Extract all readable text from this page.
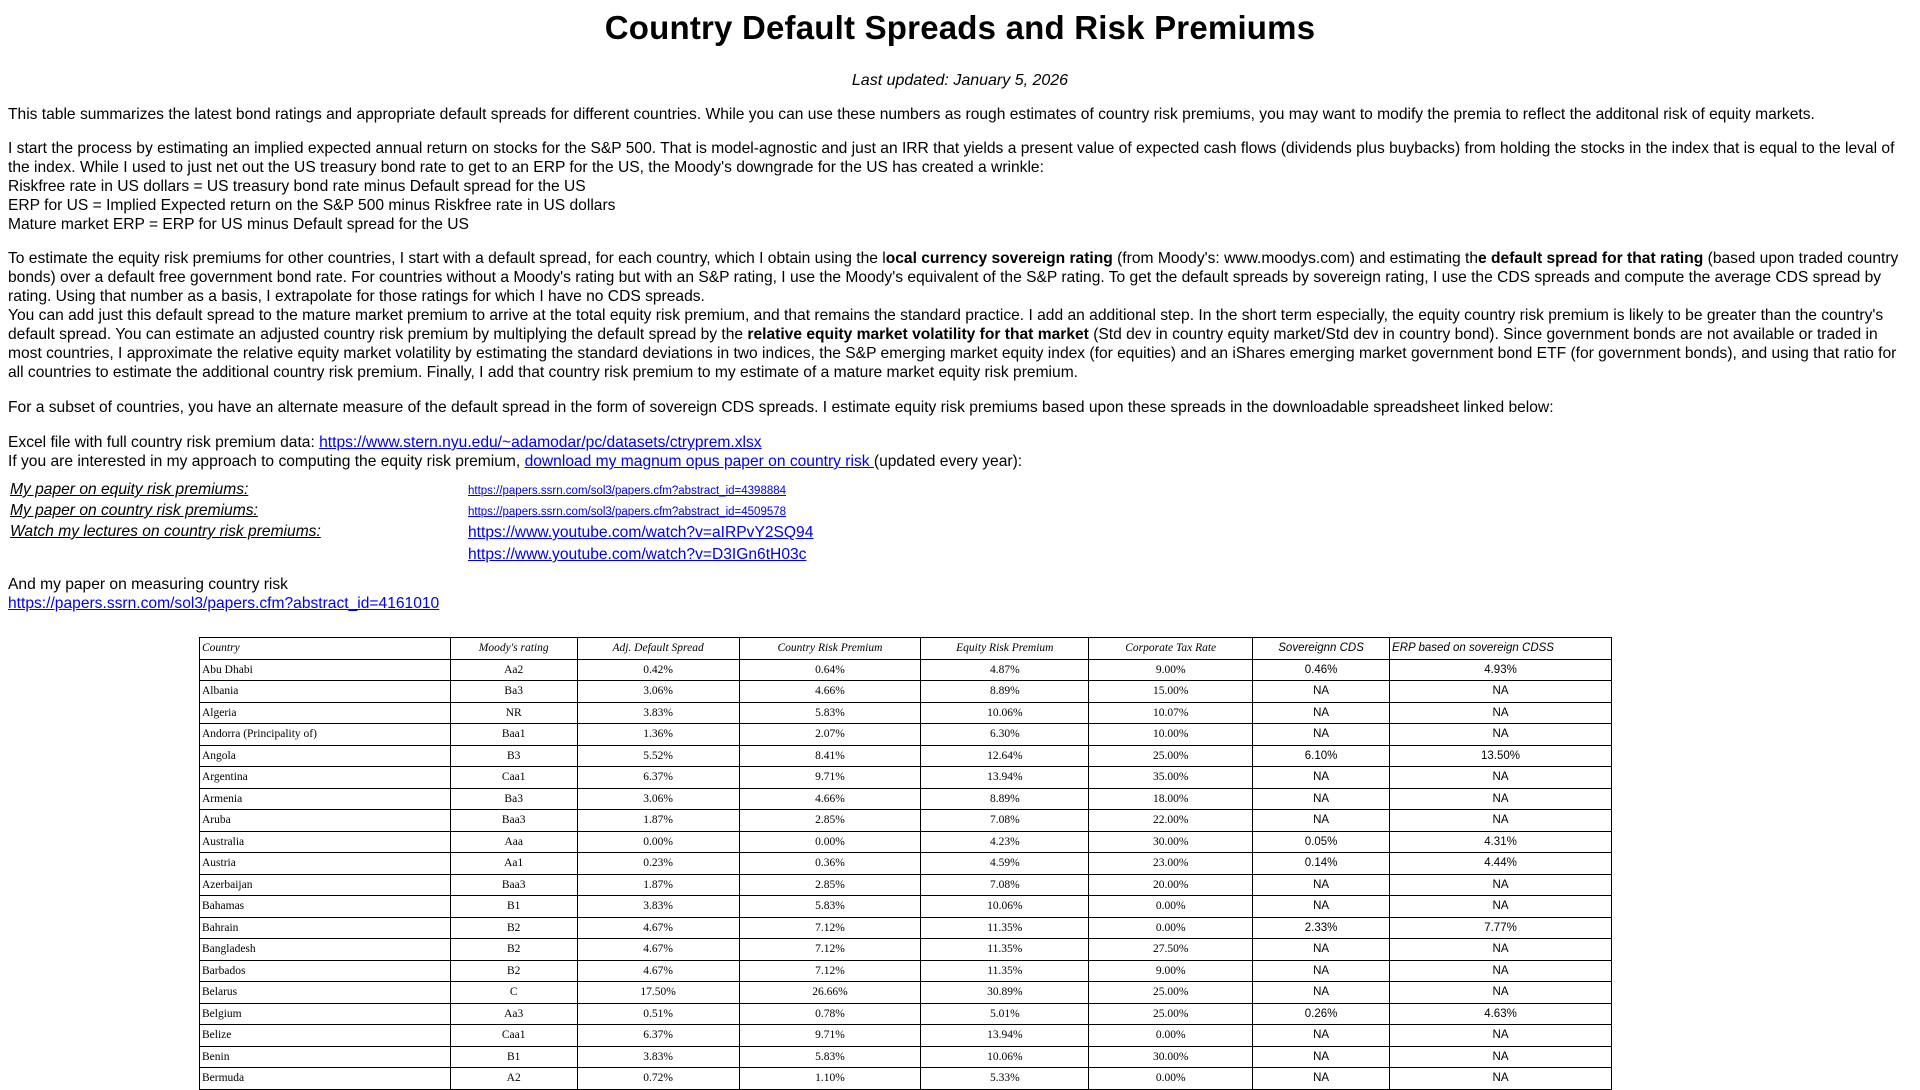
Country Default Spreads and Risk Premiums
Last updated: January 5, 2026

This table summarizes the latest bond ratings and appropriate default spreads for different countries. While you can use these numbers as rough estimates of country risk premiums, you may want to modify the premia to reflect the additonal risk of equity markets.

I start the process by estimating an implied expected annual return on stocks for the S&P 500. That is model-agnostic and just an IRR that yields a present value of expected cash flows (dividends plus buybacks) from holding the stocks in the index that is equal to the leval of the index. While I used to just net out the US treasury bond rate to get to an ERP for the US, the Moody's downgrade for the US has created a wrinkle:
Riskfree rate in US dollars = US treasury bond rate minus Default spread for the US
ERP for US = Implied Expected return on the S&P 500 minus Riskfree rate in US dollars
Mature market ERP = ERP for US minus Default spread for the US

To estimate the equity risk premiums for other countries, I start with a default spread, for each country, which I obtain using the local currency sovereign rating (from Moody's: www.moodys.com) and estimating the default spread for that rating (based upon traded country bonds) over a default free government bond rate. For countries without a Moody's rating but with an S&P rating, I use the Moody's equivalent of the S&P rating. To get the default spreads by sovereign rating, I use the CDS spreads and compute the average CDS spread by rating. Using that number as a basis, I extrapolate for those ratings for which I have no CDS spreads.
You can add just this default spread to the mature market premium to arrive at the total equity risk premium, and that remains the standard practice. I add an additional step. In the short term especially, the equity country risk premium is likely to be greater than the country's default spread. You can estimate an adjusted country risk premium by multiplying the default spread by the relative equity market volatility for that market (Std dev in country equity market/Std dev in country bond). Since government bonds are not available or traded in most countries, I approximate the relative equity market volatility by estimating the standard deviations in two indices, the S&P emerging market equity index (for equities) and an iShares emerging market government bond ETF (for government bonds), and using that ratio for all countries to estimate the additional country risk premium. Finally, I add that country risk premium to my estimate of a mature market equity risk premium.

For a subset of countries, you have an alternate measure of the default spread in the form of sovereign CDS spreads. I estimate equity risk premiums based upon these spreads in the downloadable spreadsheet linked below:

Excel file with full country risk premium data: https://www.stern.nyu.edu/~adamodar/pc/datasets/ctryprem.xlsx
If you are interested in my approach to computing the equity risk premium, download my magnum opus paper on country risk (updated every year):

My paper on equity risk premiums:
My paper on country risk premiums:
Watch my lectures on country risk premiums:
https://papers.ssrn.com/sol3/papers.cfm?abstract_id=4398884
https://papers.ssrn.com/sol3/papers.cfm?abstract_id=4509578
https://www.youtube.com/watch?v=aIRPvY2SQ94
https://www.youtube.com/watch?v=D3IGn6tH03c

And my paper on measuring country risk
https://papers.ssrn.com/sol3/papers.cfm?abstract_id=4161010

Country	Moody's rating	Adj. Default Spread	Country Risk Premium	Equity Risk Premium	Corporate Tax Rate	Sovereignn CDS	ERP based on sovereign CDSS
Abu Dhabi	Aa2	0.42%	0.64%	4.87%	9.00%	0.46%	4.93%
Albania	Ba3	3.06%	4.66%	8.89%	15.00%	NA	NA
Algeria	NR	3.83%	5.83%	10.06%	10.07%	NA	NA
Andorra (Principality of)	Baa1	1.36%	2.07%	6.30%	10.00%	NA	NA
Angola	B3	5.52%	8.41%	12.64%	25.00%	6.10%	13.50%
Argentina	Caa1	6.37%	9.71%	13.94%	35.00%	NA	NA
Armenia	Ba3	3.06%	4.66%	8.89%	18.00%	NA	NA
Aruba	Baa3	1.87%	2.85%	7.08%	22.00%	NA	NA
Australia	Aaa	0.00%	0.00%	4.23%	30.00%	0.05%	4.31%
Austria	Aa1	0.23%	0.36%	4.59%	23.00%	0.14%	4.44%
Azerbaijan	Baa3	1.87%	2.85%	7.08%	20.00%	NA	NA
Bahamas	B1	3.83%	5.83%	10.06%	0.00%	NA	NA
Bahrain	B2	4.67%	7.12%	11.35%	0.00%	2.33%	7.77%
Bangladesh	B2	4.67%	7.12%	11.35%	27.50%	NA	NA
Barbados	B2	4.67%	7.12%	11.35%	9.00%	NA	NA
Belarus	C	17.50%	26.66%	30.89%	25.00%	NA	NA
Belgium	Aa3	0.51%	0.78%	5.01%	25.00%	0.26%	4.63%
Belize	Caa1	6.37%	9.71%	13.94%	0.00%	NA	NA
Benin	B1	3.83%	5.83%	10.06%	30.00%	NA	NA
Bermuda	A2	0.72%	1.10%	5.33%	0.00%	NA	NA
